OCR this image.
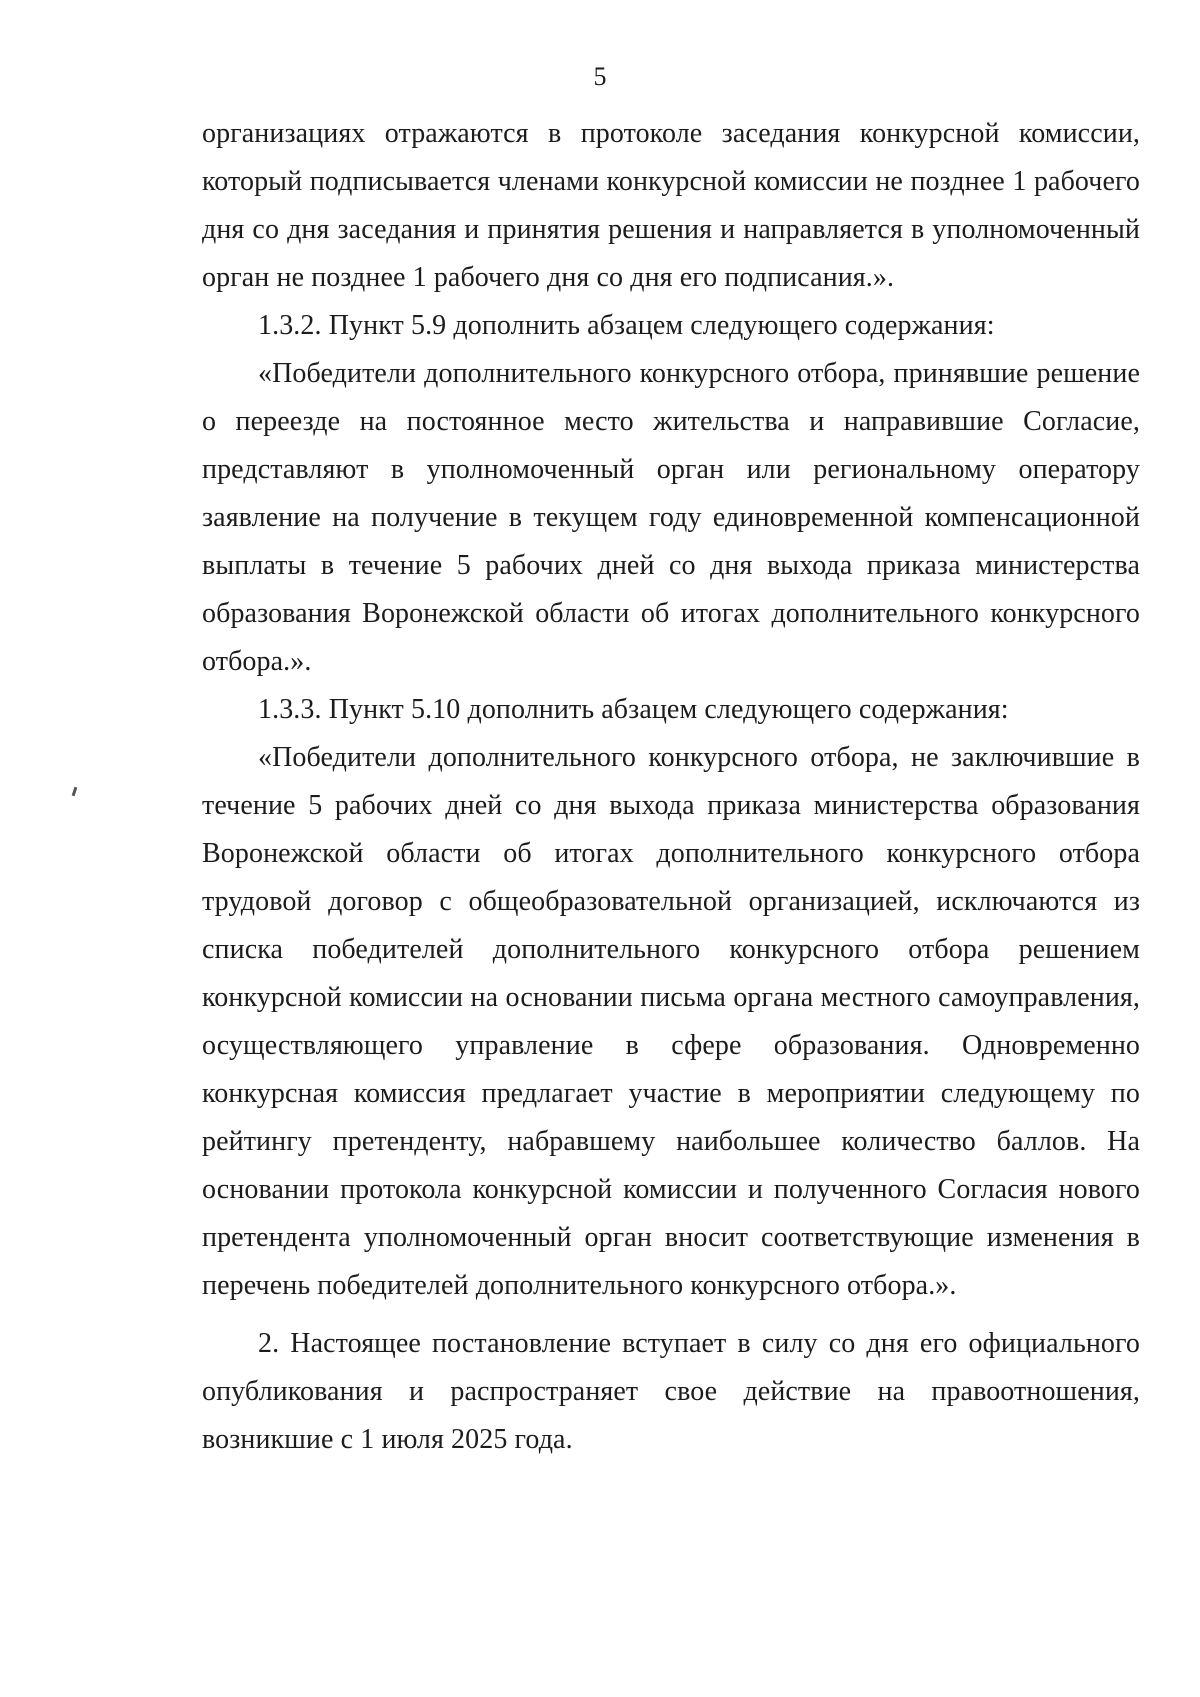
5

организациях отражаются в протоколе заседания конкурсной комиссии, который подписывается членами конкурсной комиссии не позднее 1 рабочего дня со дня заседания и принятия решения и направляется в уполномоченный орган не позднее 1 рабочего дня со дня его подписания.».

1.3.2. Пункт 5.9 дополнить абзацем следующего содержания:

«Победители дополнительного конкурсного отбора, принявшие решение о переезде на постоянное место жительства и направившие Согласие, представляют в уполномоченный орган или региональному оператору заявление на получение в текущем году единовременной компенсационной выплаты в течение 5 рабочих дней со дня выхода приказа министерства образования Воронежской области об итогах дополнительного конкурсного отбора.».

1.3.3. Пункт 5.10 дополнить абзацем следующего содержания:

«Победители дополнительного конкурсного отбора, не заключившие в течение 5 рабочих дней со дня выхода приказа министерства образования Воронежской области об итогах дополнительного конкурсного отбора трудовой договор с общеобразовательной организацией, исключаются из списка победителей дополнительного конкурсного отбора решением конкурсной комиссии на основании письма органа местного самоуправления, осуществляющего управление в сфере образования. Одновременно конкурсная комиссия предлагает участие в мероприятии следующему по рейтингу претенденту, набравшему наибольшее количество баллов. На основании протокола конкурсной комиссии и полученного Согласия нового претендента уполномоченный орган вносит соответствующие изменения в перечень победителей дополнительного конкурсного отбора.».

2. Настоящее постановление вступает в силу со дня его официального опубликования и распространяет свое действие на правоотношения, возникшие с 1 июля 2025 года.
